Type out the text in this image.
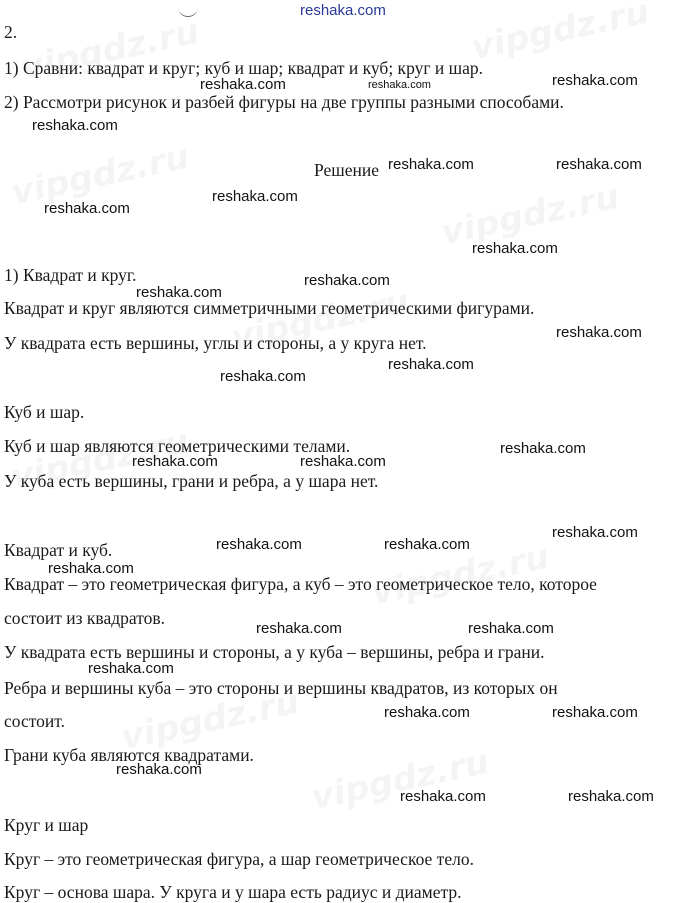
reshaka.com
2.
1) Сравни: квадрат и круг; куб и шар; квадрат и куб; круг и шар.
2) Рассмотри рисунок и разбей фигуры на две группы разными способами.
Решение
1) Квадрат и круг.
Квадрат и круг являются симметричными геометрическими фигурами.
У квадрата есть вершины, углы и стороны, а у круга нет.
Куб и шар.
Куб и шар являются геометрическими телами.
У куба есть вершины, грани и ребра, а у шара нет.
Квадрат и куб.
Квадрат – это геометрическая фигура, а куб – это геометрическое тело, которое
состоит из квадратов.
У квадрата есть вершины и стороны, а у куба – вершины, ребра и грани.
Ребра и вершины куба – это стороны и вершины квадратов, из которых он
состоит.
Грани куба являются квадратами.
Круг и шар
Круг – это геометрическая фигура, а шар геометрическое тело.
Круг – основа шара. У круга и у шара есть радиус и диаметр.
reshaka.com	reshaka.com	reshaka.com
reshaka.com
reshaka.com	reshaka.com
reshaka.com
reshaka.com
reshaka.com
reshaka.com
reshaka.com
reshaka.com
reshaka.com
reshaka.com
reshaka.com
reshaka.com	reshaka.com
reshaka.com
reshaka.com	reshaka.com
reshaka.com
reshaka.com	reshaka.com
reshaka.com
reshaka.com	reshaka.com
reshaka.com
reshaka.com	reshaka.com
